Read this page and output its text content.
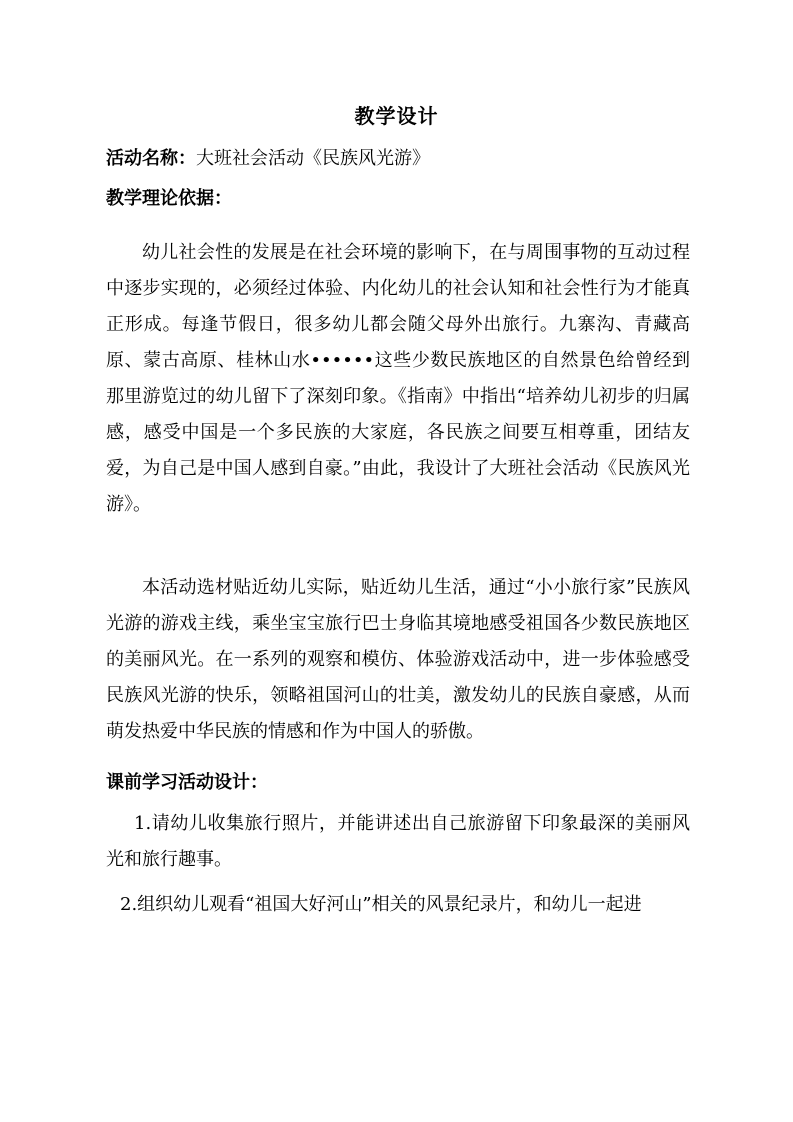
教学设计
活动名称：大班社会活动《民族风光游》
教学理论依据：

幼儿社会性的发展是在社会环境的影响下，在与周围事物的互动过程中逐步实现的，必须经过体验、内化幼儿的社会认知和社会性行为才能真正形成。每逢节假日，很多幼儿都会随父母外出旅行。九寨沟、青藏高原、蒙古高原、桂林山水••••••这些少数民族地区的自然景色给曾经到那里游览过的幼儿留下了深刻印象。《指南》中指出“培养幼儿初步的归属感，感受中国是一个多民族的大家庭，各民族之间要互相尊重，团结友爱，为自己是中国人感到自豪。”由此，我设计了大班社会活动《民族风光游》。

本活动选材贴近幼儿实际，贴近幼儿生活，通过“小小旅行家”民族风光游的游戏主线，乘坐宝宝旅行巴士身临其境地感受祖国各少数民族地区的美丽风光。在一系列的观察和模仿、体验游戏活动中，进一步体验感受民族风光游的快乐，领略祖国河山的壮美，激发幼儿的民族自豪感，从而萌发热爱中华民族的情感和作为中国人的骄傲。

课前学习活动设计：

1.请幼儿收集旅行照片，并能讲述出自己旅游留下印象最深的美丽风光和旅行趣事。

2.组织幼儿观看“祖国大好河山”相关的风景纪录片，和幼儿一起进
